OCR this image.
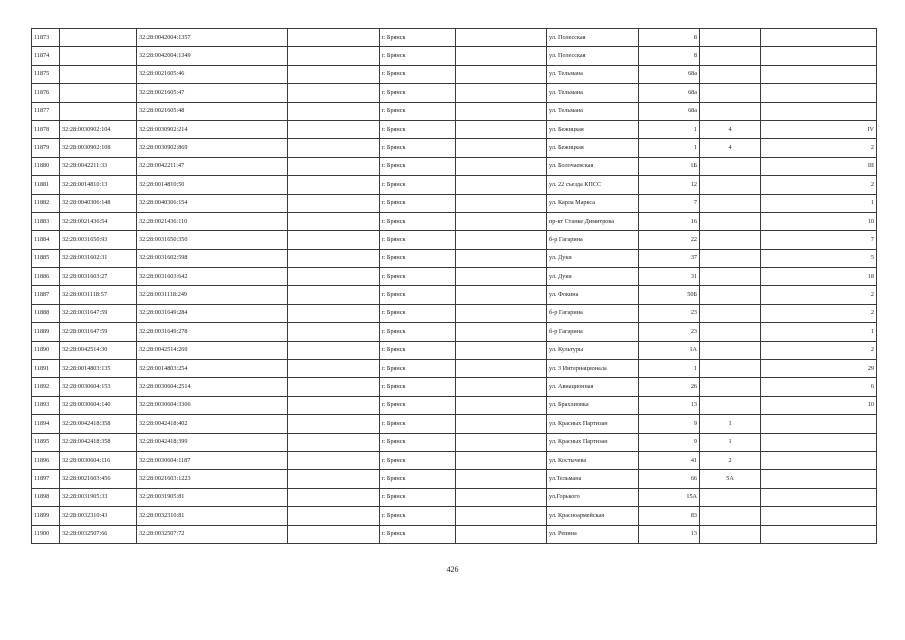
11873		32:28:0042004:1357		г. Брянск		ул. Полесская	8		
11874		32:28:0042004:1349		г. Брянск		ул. Полесская	8		
11875		32:28:0021605:46		г. Брянск		ул. Тельмана	68а		
11876		32:28:0021605:47		г. Брянск		ул. Тельмана	68а		
11877		32:28:0021605:48		г. Брянск		ул. Тельмана	68а		
11878	32:28:0030902:104	32:28:0030902:214		г. Брянск		ул. Бежицкая	1	4	IV
11879	32:28:0030902:108	32:28:0030902:869		г. Брянск		ул. Бежицкая	1	4	2
11880	32:28:0042211:33	32:28:0042211:47		г. Брянск		ул. Болочаевская	1Б		III
11881	32:28:0014810:13	32:28:0014810:50		г. Брянск		ул. 22 съезда КПСС	12		2
11882	32:28:0040306:148	32:28:0040306:154		г. Брянск		ул. Карла Маркса	7		1
11883	32:28:0021436:54	32:28:0021436:110		г. Брянск		пр-кт Станке Димитрова	16		10
11884	32:28:0031650:93	32:28:0031650:350		г. Брянск		б-р Гагарина	22		7
11885	32:28:0031602:31	32:28:0031602:598		г. Брянск		ул. Дуки	37		5
11886	32:28:0031603:27	32:28:0031603:642		г. Брянск		ул. Дуки	31		18
11887	32:28:0031118:57	32:28:0031118:249		г. Брянск		ул. Фокина	50Б		2
11888	32:28:0031647:59	32:28:0031649:284		г. Брянск		б-р Гагарина	23		2
11889	32:28:0031647:59	32:28:0031649:278		г. Брянск		б-р Гагарина	23		1
11890	32:28:0042514:30	32:28:0042514:269		г. Брянск		ул. Культуры	1А		2
11891	32:28:0014803:135	32:28:0014803:254		г. Брянск		ул. 3 Интернационала	1		29
11892	32:28:0030604:153	32:28:0030604:2514		г. Брянск		ул. Авиационная	26		6
11893	32:28:0030604:140	32:28:0030604:3306		г. Брянск		ул. Брахлиовка	13		10
11894	32:28:0042418:358	32:28:0042418:402		г. Брянск		ул. Красных Партизан	9	1	
11895	32:28:0042418:358	32:28:0042418:399		г. Брянск		ул. Красных Партизан	9	1	
11896	32:28:0030604:116	32:28:0030604:1187		г. Брянск		ул. Костычева	41	2	
11897	32:28:0021603:456	32:28:0021603:1223		г. Брянск		ул.Тельмана	66	5А	
11898	32:28:0031905:33	32:28:0031905:81		г. Брянск		ул.Горького	15А		
11899	32:28:0032310:43	32:28:0032310:81		г. Брянск		ул. Красноармейская	83		
11900	32:28:0032507:66	32:28:0032507:72		г. Брянск		ул. Репина	13		
426
